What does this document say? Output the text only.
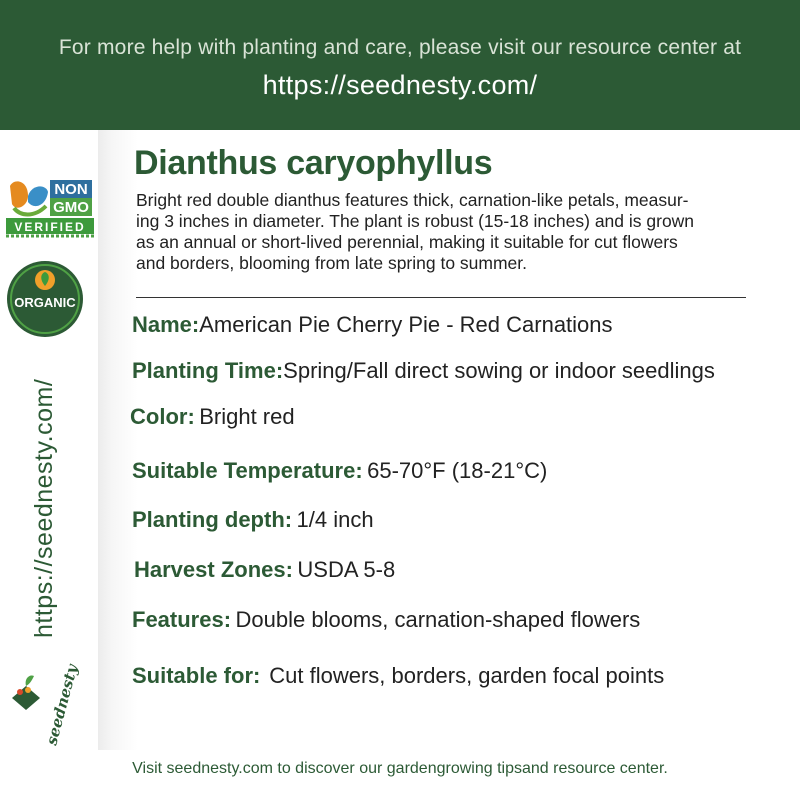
For more help with planting and care, please visit our resource center at
https://seednesty.com/
NON
GMO
VERIFIED
ORGANIC
https://seednesty.com/
seednesty
Dianthus caryophyllus
Bright red double dianthus features thick, carnation-like petals, measur-
ing 3 inches in diameter. The plant is robust (15-18 inches) and is grown
as an annual or short-lived perennial, making it suitable for cut flowers
and borders, blooming from late spring to summer.
Name:American Pie Cherry Pie - Red Carnations
Planting Time:Spring/Fall direct sowing or indoor seedlings
Color: Bright red
Suitable Temperature: 65-70°F (18-21°C)
Planting depth: 1/4 inch
Harvest Zones: USDA 5-8
Features: Double blooms, carnation-shaped flowers
Suitable for: Cut flowers, borders, garden focal points
Visit seednesty.com to discover our gardengrowing tipsand resource center.
